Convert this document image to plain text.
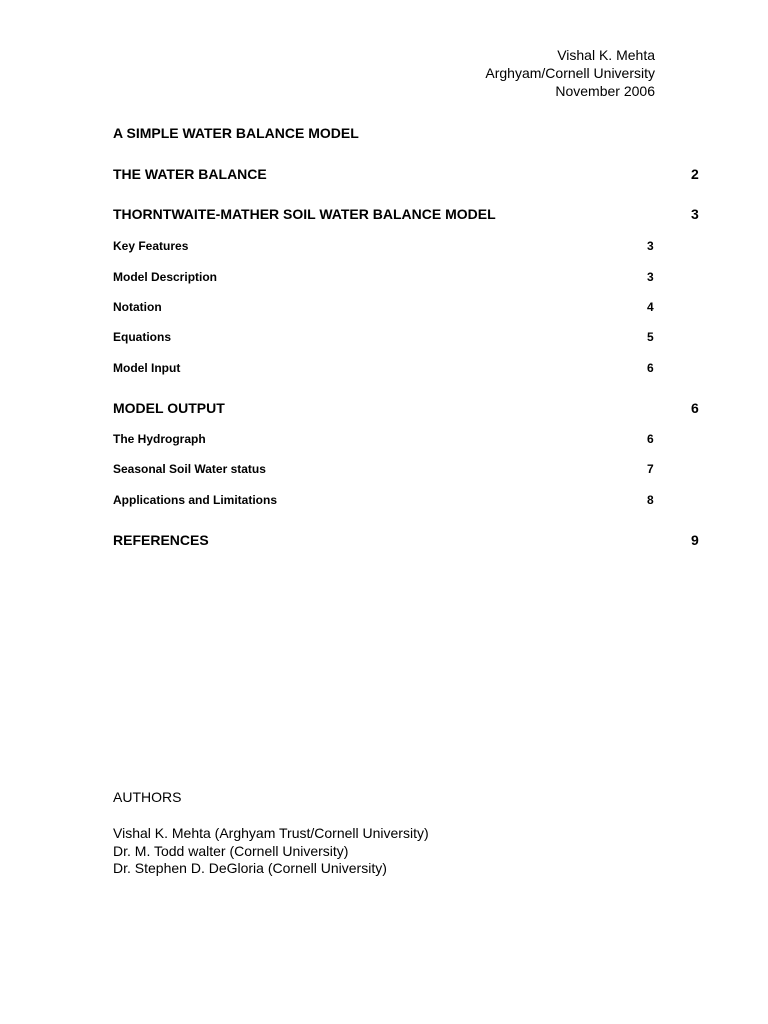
Vishal K. Mehta
Arghyam/Cornell University
November 2006
A SIMPLE WATER BALANCE MODEL
THE WATER BALANCE	2
THORNTWAITE-MATHER SOIL WATER BALANCE MODEL	3
Key Features	3
Model Description	3
Notation	4
Equations	5
Model Input	6
MODEL OUTPUT	6
The Hydrograph	6
Seasonal Soil Water status	7
Applications and Limitations	8
REFERENCES	9
AUTHORS
Vishal K. Mehta (Arghyam Trust/Cornell University)
Dr. M. Todd walter (Cornell University)
Dr. Stephen D. DeGloria (Cornell University)
